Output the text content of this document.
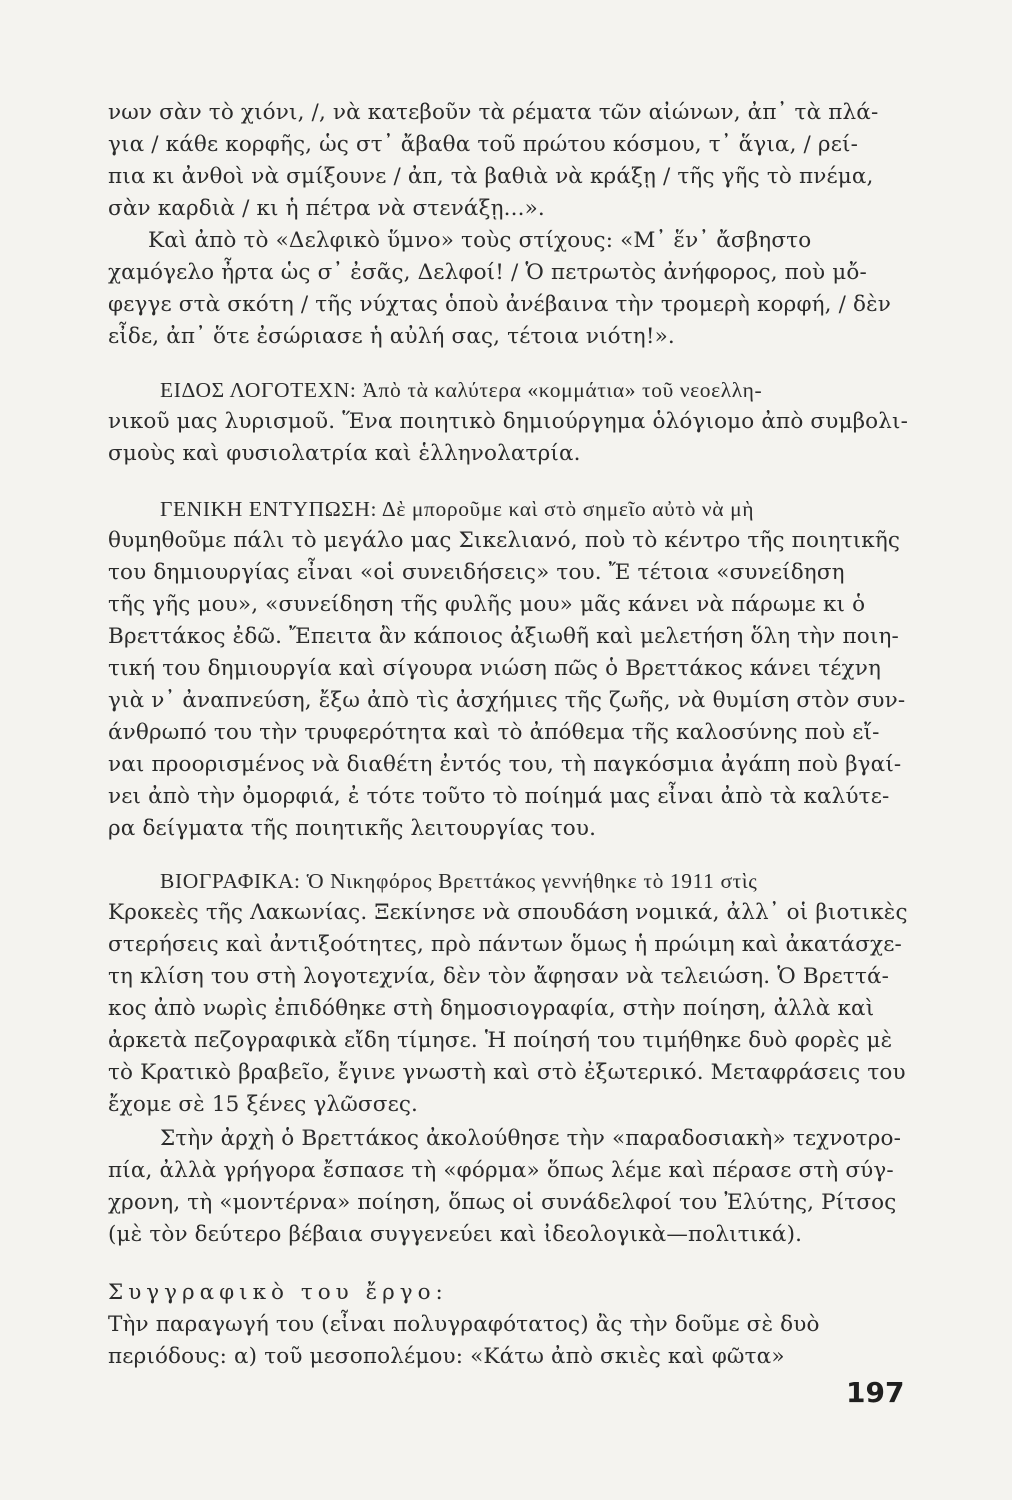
νων σὰν τὸ χιόνι, /, νὰ κατεβοῦν τὰ ρέματα τῶν αἰώνων, ἀπ᾽ τὰ πλά-
για / κάθε κορφῆς, ὡς στ᾽ ἄβαθα τοῦ πρώτου κόσμου, τ᾽ ἅγια, / ρεί-
πια κι ἀνθοὶ νὰ σμίξουνε / ἀπ, τὰ βαθιὰ νὰ κράξῃ / τῆς γῆς τὸ πνέμα,
σὰν καρδιὰ / κι ἡ πέτρα νὰ στενάξῃ...».
Καὶ ἀπὸ τὸ «Δελφικὸ ὕμνο» τοὺς στίχους: «Μ᾽ ἕν᾽ ἄσβηστο
χαμόγελο ἦρτα ὡς σ᾽ ἐσᾶς, Δελφοί! / Ὁ πετρωτὸς ἀνήφορος, ποὺ μὄ-
φεγγε στὰ σκότη / τῆς νύχτας ὁποὺ ἀνέβαινα τὴν τρομερὴ κορφή, / δὲν
εἶδε, ἀπ᾽ ὅτε ἐσώριασε ἡ αὐλή σας, τέτοια νιότη!».
ΕΙΔΟΣ ΛΟΓΟΤΕΧΝ: Ἀπὸ τὰ καλύτερα «κομμάτια» τοῦ νεοελλη-
νικοῦ μας λυρισμοῦ. Ἕνα ποιητικὸ δημιούργημα ὁλόγιομο ἀπὸ συμβολι-
σμοὺς καὶ φυσιολατρία καὶ ἑλληνολατρία.
ΓΕΝΙΚΗ ΕΝΤΥΠΩΣΗ: Δὲ μποροῦμε καὶ στὸ σημεῖο αὐτὸ νὰ μὴ
θυμηθοῦμε πάλι τὸ μεγάλο μας Σικελιανό, ποὺ τὸ κέντρο τῆς ποιητικῆς
του δημιουργίας εἶναι «οἱ συνειδήσεις» του. Ἔ τέτοια «συνείδηση
τῆς γῆς μου», «συνείδηση τῆς φυλῆς μου» μᾶς κάνει νὰ πάρωμε κι ὁ
Βρεττάκος ἐδῶ. Ἔπειτα ἂν κάποιος ἀξιωθῆ καὶ μελετήση ὅλη τὴν ποιη-
τική του δημιουργία καὶ σίγουρα νιώση πῶς ὁ Βρεττάκος κάνει τέχνη
γιὰ ν᾽ ἀναπνεύση, ἔξω ἀπὸ τὶς ἀσχήμιες τῆς ζωῆς, νὰ θυμίση στὸν συν-
άνθρωπό του τὴν τρυφερότητα καὶ τὸ ἀπόθεμα τῆς καλοσύνης ποὺ εἴ-
ναι προορισμένος νὰ διαθέτη ἐντός του, τὴ παγκόσμια ἀγάπη ποὺ βγαί-
νει ἀπὸ τὴν ὀμορφιά, ἐ τότε τοῦτο τὸ ποίημά μας εἶναι ἀπὸ τὰ καλύτε-
ρα δείγματα τῆς ποιητικῆς λειτουργίας του.
ΒΙΟΓΡΑΦΙΚΑ: Ὁ Νικηφόρος Βρεττάκος γεννήθηκε τὸ 1911 στὶς
Κροκεὲς τῆς Λακωνίας. Ξεκίνησε νὰ σπουδάση νομικά, ἀλλ᾽ οἱ βιοτικὲς
στερήσεις καὶ ἀντιξοότητες, πρὸ πάντων ὅμως ἡ πρώιμη καὶ ἀκατάσχε-
τη κλίση του στὴ λογοτεχνία, δὲν τὸν ἄφησαν νὰ τελειώση. Ὁ Βρεττά-
κος ἀπὸ νωρὶς ἐπιδόθηκε στὴ δημοσιογραφία, στὴν ποίηση, ἀλλὰ καὶ
ἀρκετὰ πεζογραφικὰ εἴδη τίμησε. Ἡ ποίησή του τιμήθηκε δυὸ φορὲς μὲ
τὸ Κρατικὸ βραβεῖο, ἔγινε γνωστὴ καὶ στὸ ἐξωτερικό. Μεταφράσεις του
ἔχομε σὲ 15 ξένες γλῶσσες.
Στὴν ἀρχὴ ὁ Βρεττάκος ἀκολούθησε τὴν «παραδοσιακὴ» τεχνοτρο-
πία, ἀλλὰ γρήγορα ἔσπασε τὴ «φόρμα» ὅπως λέμε καὶ πέρασε στὴ σύγ-
χρονη, τὴ «μοντέρνα» ποίηση, ὅπως οἱ συνάδελφοί του Ἐλύτης, Ρίτσος
(μὲ τὸν δεύτερο βέβαια συγγενεύει καὶ ἰδεολογικὰ—πολιτικά).
Συγγραφικὸ του ἔργο:
Τὴν παραγωγή του (εἶναι πολυγραφότατος) ἂς τὴν δοῦμε σὲ δυὸ
περιόδους: α) τοῦ μεσοπολέμου: «Κάτω ἀπὸ σκιὲς καὶ φῶτα»
197
